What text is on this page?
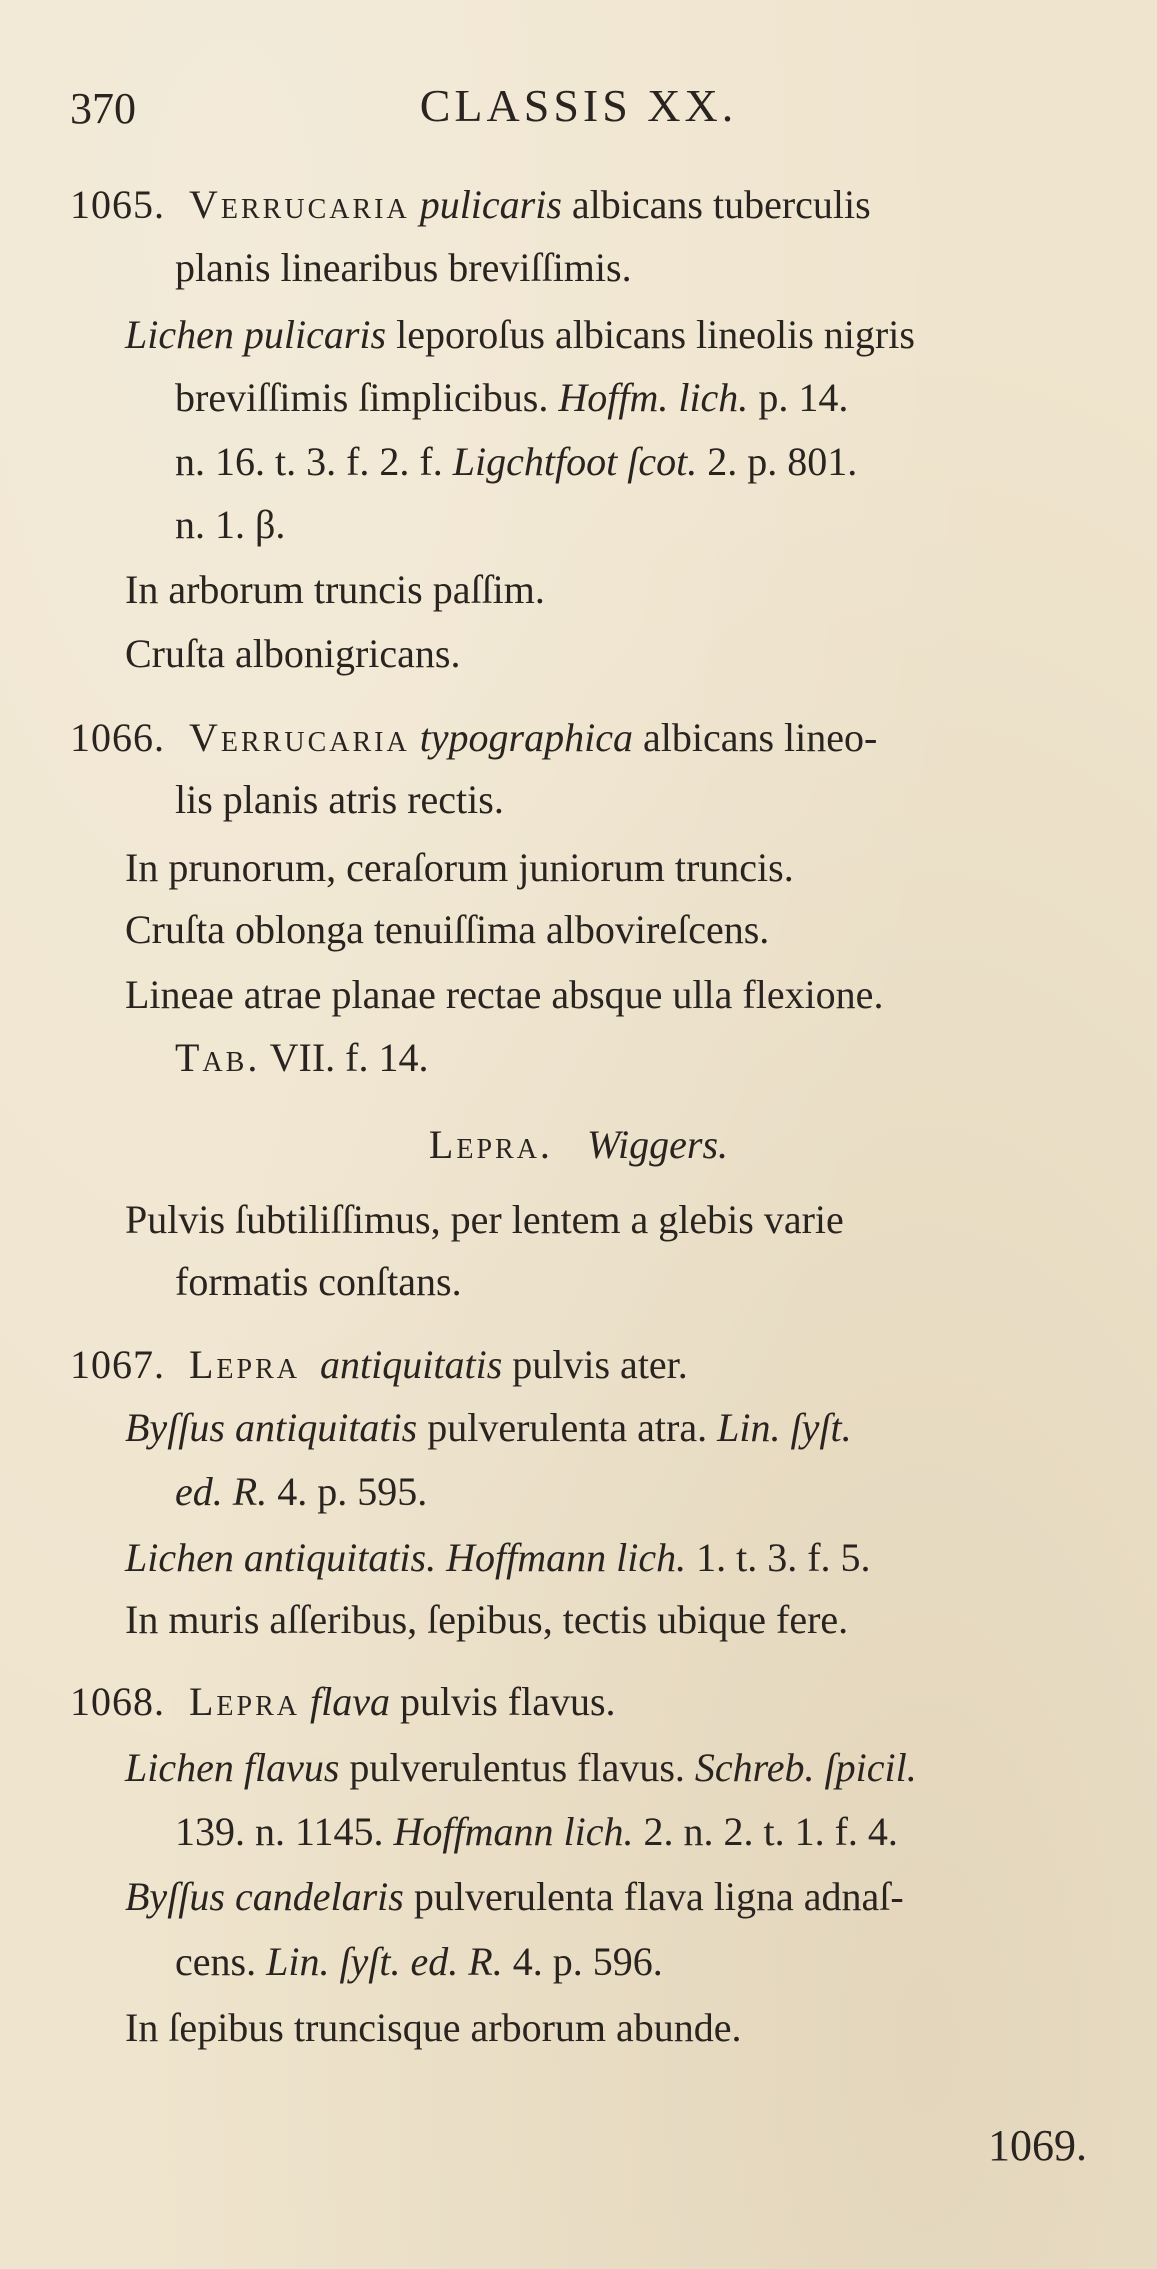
370	CLASSIS XX.
1065. Verrucaria pulicaris albicans tuberculis
planis linearibus breviſſimis.
Lichen pulicaris leporoſus albicans lineolis nigris
breviſſimis ſimplicibus. Hoffm. lich. p. 14.
n. 16. t. 3. f. 2. f. Ligchtfoot ſcot. 2. p. 801.
n. 1. β.
In arborum truncis paſſim.
Cruſta albonigricans.
1066. Verrucaria typographica albicans lineo-
lis planis atris rectis.
In prunorum, ceraſorum juniorum truncis.
Cruſta oblonga tenuiſſima albovireſcens.
Lineae atrae planae rectae absque ulla flexione.
Tab. VII. f. 14.
Lepra. Wiggers.
Pulvis ſubtiliſſimus, per lentem a glebis varie
formatis conſtans.
1067. Lepra antiquitatis pulvis ater.
Byſſus antiquitatis pulverulenta atra. Lin. ſyſt.
ed. R. 4. p. 595.
Lichen antiquitatis. Hoffmann lich. 1. t. 3. f. 5.
In muris aſſeribus, ſepibus, tectis ubique fere.
1068. Lepra flava pulvis flavus.
Lichen flavus pulverulentus flavus. Schreb. ſpicil.
139. n. 1145. Hoffmann lich. 2. n. 2. t. 1. f. 4.
Byſſus candelaris pulverulenta flava ligna adnaſ-
cens. Lin. ſyſt. ed. R. 4. p. 596.
In ſepibus truncisque arborum abunde.
1069.
